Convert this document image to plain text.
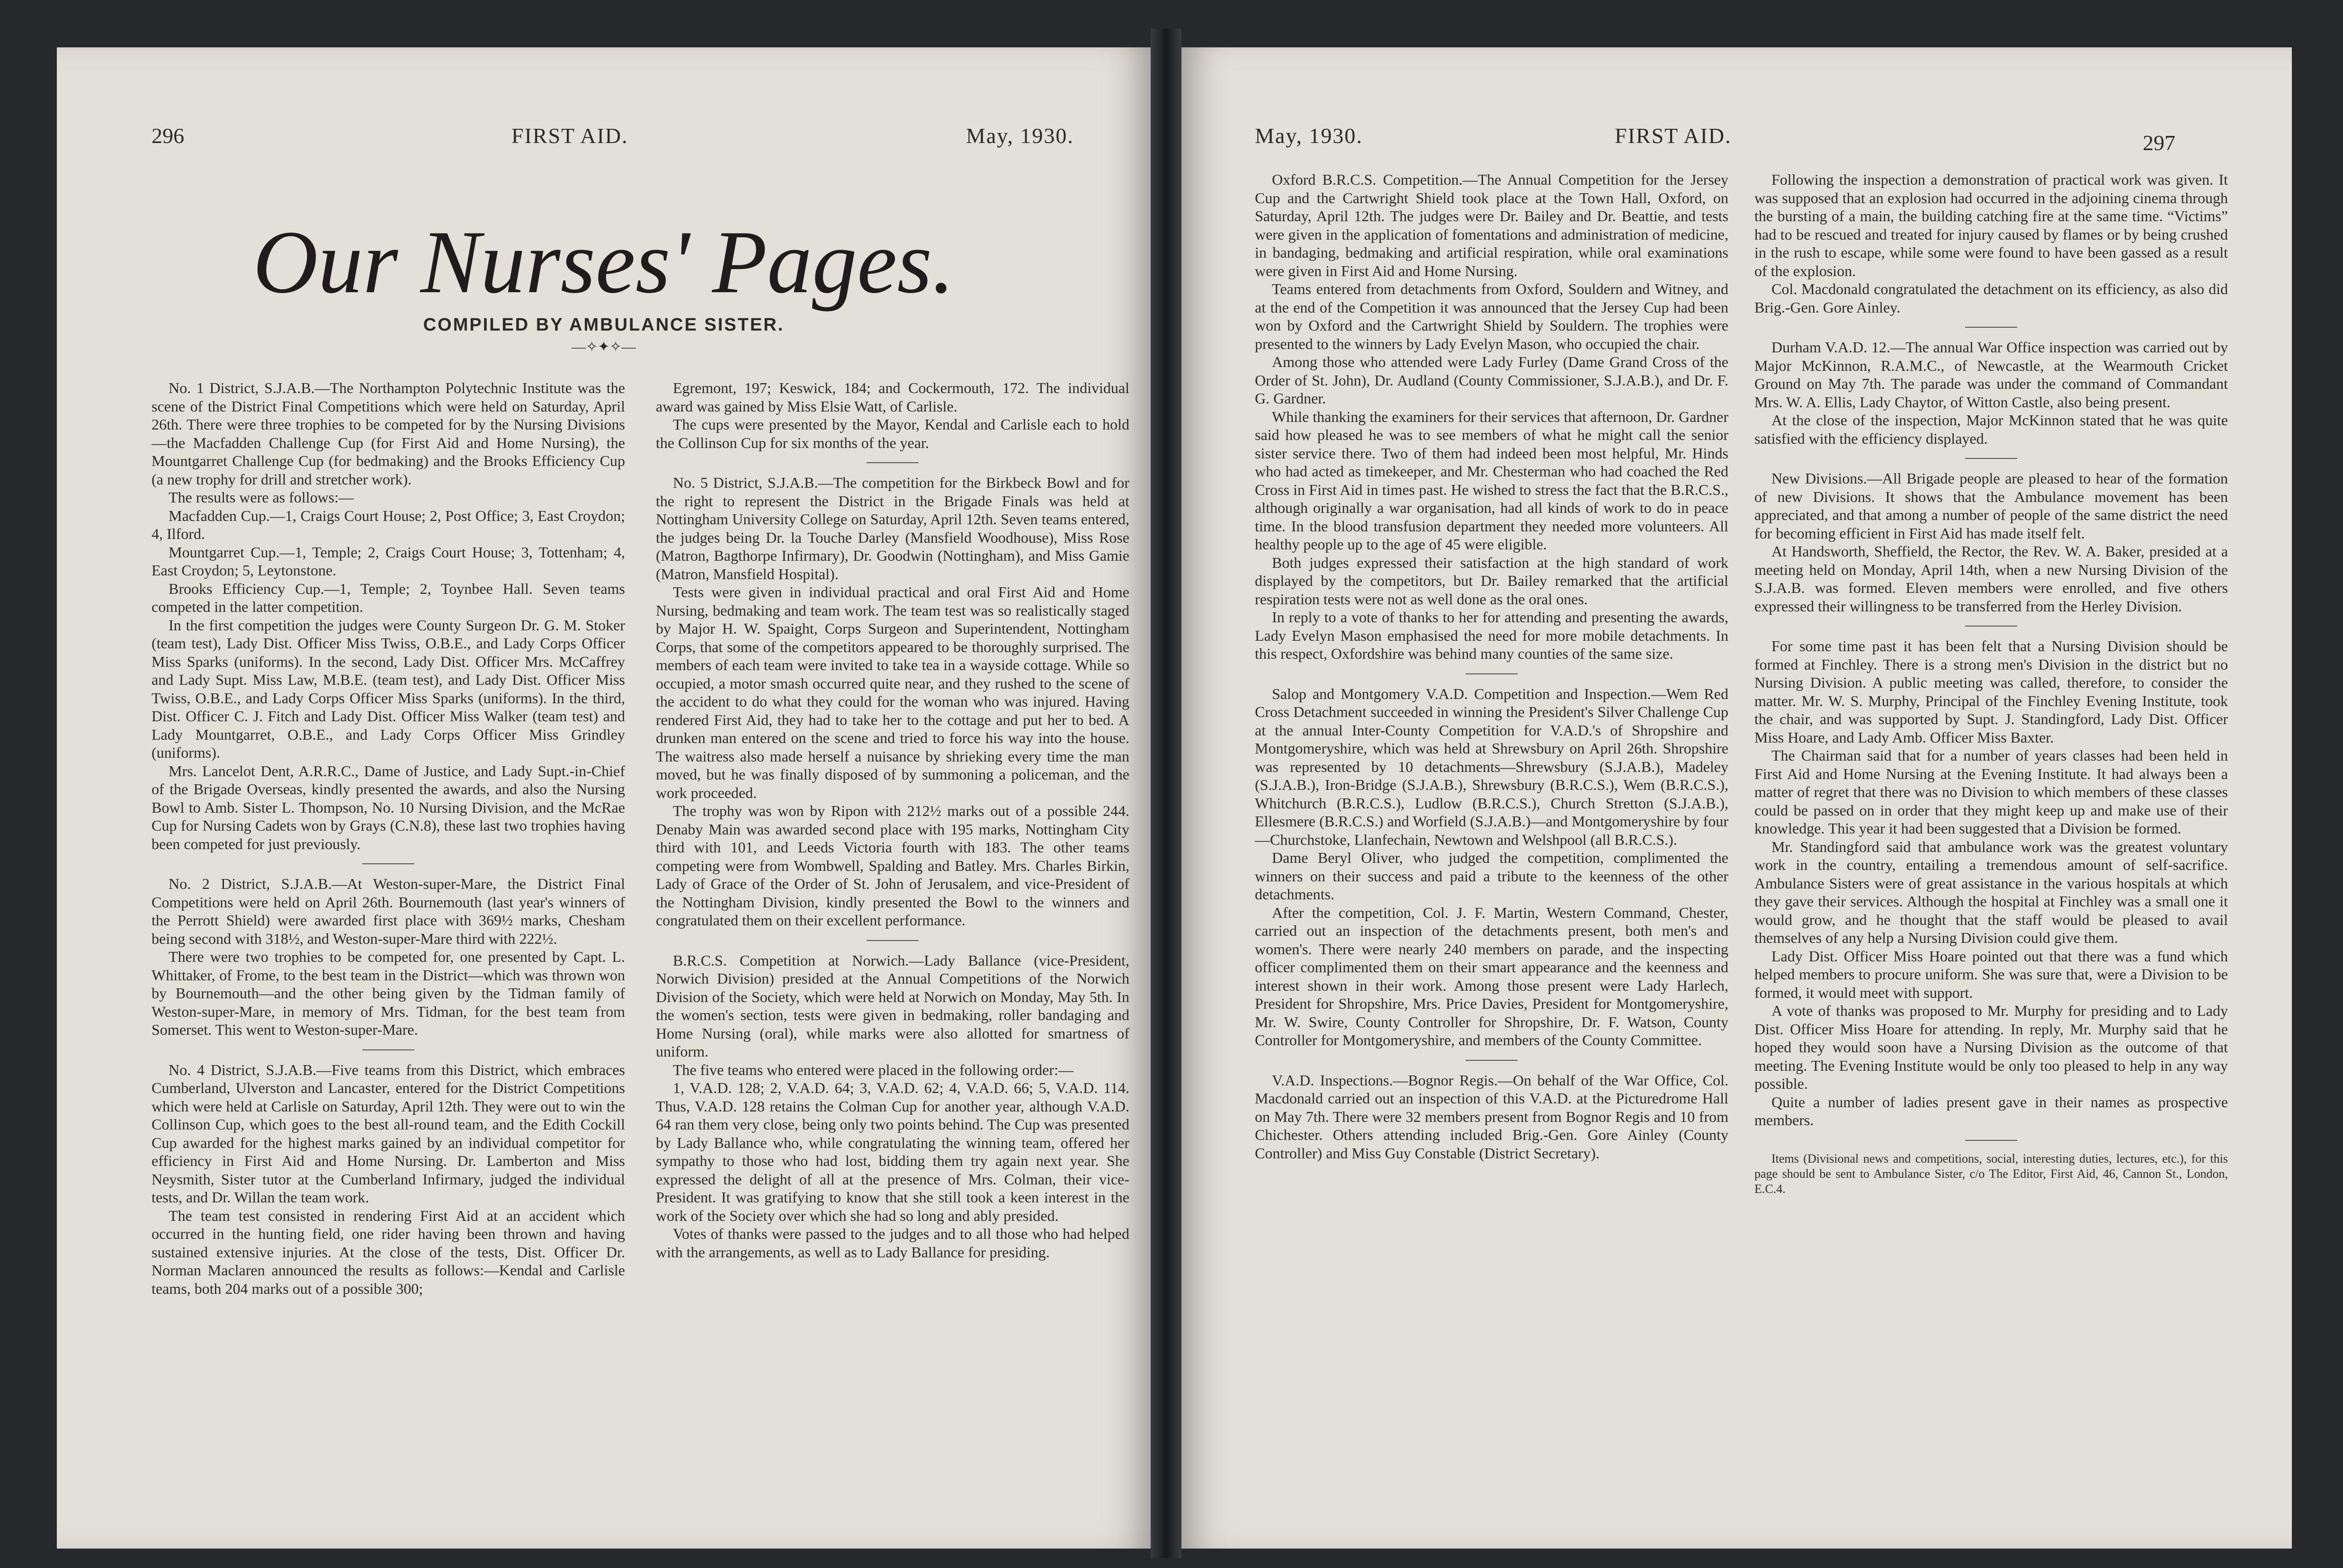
296	FIRST AID.	May, 1930.
Our Nurses' Pages.
COMPILED BY AMBULANCE SISTER.
—✧✦✧—

No. 1 District, S.J.A.B.—The Northampton Polytechnic Institute was the scene of the District Final Competitions which were held on Saturday, April 26th. There were three trophies to be competed for by the Nursing Divisions—the Macfadden Challenge Cup (for First Aid and Home Nursing), the Mountgarret Challenge Cup (for bedmaking) and the Brooks Efficiency Cup (a new trophy for drill and stretcher work).

The results were as follows:—

Macfadden Cup.—1, Craigs Court House; 2, Post Office; 3, East Croydon; 4, Ilford.

Mountgarret Cup.—1, Temple; 2, Craigs Court House; 3, Tottenham; 4, East Croydon; 5, Leytonstone.

Brooks Efficiency Cup.—1, Temple; 2, Toynbee Hall. Seven teams competed in the latter competition.

In the first competition the judges were County Surgeon Dr. G. M. Stoker (team test), Lady Dist. Officer Miss Twiss, O.B.E., and Lady Corps Officer Miss Sparks (uniforms). In the second, Lady Dist. Officer Mrs. McCaffrey and Lady Supt. Miss Law, M.B.E. (team test), and Lady Dist. Officer Miss Twiss, O.B.E., and Lady Corps Officer Miss Sparks (uniforms). In the third, Dist. Officer C. J. Fitch and Lady Dist. Officer Miss Walker (team test) and Lady Mountgarret, O.B.E., and Lady Corps Officer Miss Grindley (uniforms).

Mrs. Lancelot Dent, A.R.R.C., Dame of Justice, and Lady Supt.-in-Chief of the Brigade Overseas, kindly presented the awards, and also the Nursing Bowl to Amb. Sister L. Thompson, No. 10 Nursing Division, and the McRae Cup for Nursing Cadets won by Grays (C.N.8), these last two trophies having been competed for just previously.

No. 2 District, S.J.A.B.—At Weston-super-Mare, the District Final Competitions were held on April 26th. Bournemouth (last year's winners of the Perrott Shield) were awarded first place with 369½ marks, Chesham being second with 318½, and Weston-super-Mare third with 222½.

There were two trophies to be competed for, one presented by Capt. L. Whittaker, of Frome, to the best team in the District—which was thrown won by Bournemouth—and the other being given by the Tidman family of Weston-super-Mare, in memory of Mrs. Tidman, for the best team from Somerset. This went to Weston-super-Mare.

No. 4 District, S.J.A.B.—Five teams from this District, which embraces Cumberland, Ulverston and Lancaster, entered for the District Competitions which were held at Carlisle on Saturday, April 12th. They were out to win the Collinson Cup, which goes to the best all-round team, and the Edith Cockill Cup awarded for the highest marks gained by an individual competitor for efficiency in First Aid and Home Nursing. Dr. Lamberton and Miss Neysmith, Sister tutor at the Cumberland Infirmary, judged the individual tests, and Dr. Willan the team work.

The team test consisted in rendering First Aid at an accident which occurred in the hunting field, one rider having been thrown and having sustained extensive injuries. At the close of the tests, Dist. Officer Dr. Norman Maclaren announced the results as follows:—Kendal and Carlisle teams, both 204 marks out of a possible 300;

Egremont, 197; Keswick, 184; and Cockermouth, 172. The individual award was gained by Miss Elsie Watt, of Carlisle.

The cups were presented by the Mayor, Kendal and Carlisle each to hold the Collinson Cup for six months of the year.

No. 5 District, S.J.A.B.—The competition for the Birkbeck Bowl and for the right to represent the District in the Brigade Finals was held at Nottingham University College on Saturday, April 12th. Seven teams entered, the judges being Dr. la Touche Darley (Mansfield Woodhouse), Miss Rose (Matron, Bagthorpe Infirmary), Dr. Goodwin (Nottingham), and Miss Gamie (Matron, Mansfield Hospital).

Tests were given in individual practical and oral First Aid and Home Nursing, bedmaking and team work. The team test was so realistically staged by Major H. W. Spaight, Corps Surgeon and Superintendent, Nottingham Corps, that some of the competitors appeared to be thoroughly surprised. The members of each team were invited to take tea in a wayside cottage. While so occupied, a motor smash occurred quite near, and they rushed to the scene of the accident to do what they could for the woman who was injured. Having rendered First Aid, they had to take her to the cottage and put her to bed. A drunken man entered on the scene and tried to force his way into the house. The waitress also made herself a nuisance by shrieking every time the man moved, but he was finally disposed of by summoning a policeman, and the work proceeded.

The trophy was won by Ripon with 212½ marks out of a possible 244. Denaby Main was awarded second place with 195 marks, Nottingham City third with 101, and Leeds Victoria fourth with 183. The other teams competing were from Wombwell, Spalding and Batley. Mrs. Charles Birkin, Lady of Grace of the Order of St. John of Jerusalem, and vice-President of the Nottingham Division, kindly presented the Bowl to the winners and congratulated them on their excellent performance.

B.R.C.S. Competition at Norwich.—Lady Ballance (vice-President, Norwich Division) presided at the Annual Competitions of the Norwich Division of the Society, which were held at Norwich on Monday, May 5th. In the women's section, tests were given in bedmaking, roller bandaging and Home Nursing (oral), while marks were also allotted for smartness of uniform.

The five teams who entered were placed in the following order:—

1, V.A.D. 128; 2, V.A.D. 64; 3, V.A.D. 62; 4, V.A.D. 66; 5, V.A.D. 114. Thus, V.A.D. 128 retains the Colman Cup for another year, although V.A.D. 64 ran them very close, being only two points behind. The Cup was presented by Lady Ballance who, while congratulating the winning team, offered her sympathy to those who had lost, bidding them try again next year. She expressed the delight of all at the presence of Mrs. Colman, their vice-President. It was gratifying to know that she still took a keen interest in the work of the Society over which she had so long and ably presided.

Votes of thanks were passed to the judges and to all those who had helped with the arrangements, as well as to Lady Ballance for presiding.

May, 1930.	FIRST AID.	297

Oxford B.R.C.S. Competition.—The Annual Competition for the Jersey Cup and the Cartwright Shield took place at the Town Hall, Oxford, on Saturday, April 12th. The judges were Dr. Bailey and Dr. Beattie, and tests were given in the application of fomentations and administration of medicine, in bandaging, bedmaking and artificial respiration, while oral examinations were given in First Aid and Home Nursing.

Teams entered from detachments from Oxford, Souldern and Witney, and at the end of the Competition it was announced that the Jersey Cup had been won by Oxford and the Cartwright Shield by Souldern. The trophies were presented to the winners by Lady Evelyn Mason, who occupied the chair.

Among those who attended were Lady Furley (Dame Grand Cross of the Order of St. John), Dr. Audland (County Commissioner, S.J.A.B.), and Dr. F. G. Gardner.

While thanking the examiners for their services that afternoon, Dr. Gardner said how pleased he was to see members of what he might call the senior sister service there. Two of them had indeed been most helpful, Mr. Hinds who had acted as timekeeper, and Mr. Chesterman who had coached the Red Cross in First Aid in times past. He wished to stress the fact that the B.R.C.S., although originally a war organisation, had all kinds of work to do in peace time. In the blood transfusion department they needed more volunteers. All healthy people up to the age of 45 were eligible.

Both judges expressed their satisfaction at the high standard of work displayed by the competitors, but Dr. Bailey remarked that the artificial respiration tests were not as well done as the oral ones.

In reply to a vote of thanks to her for attending and presenting the awards, Lady Evelyn Mason emphasised the need for more mobile detachments. In this respect, Oxfordshire was behind many counties of the same size.

Salop and Montgomery V.A.D. Competition and Inspection.—Wem Red Cross Detachment succeeded in winning the President's Silver Challenge Cup at the annual Inter-County Competition for V.A.D.'s of Shropshire and Montgomeryshire, which was held at Shrewsbury on April 26th. Shropshire was represented by 10 detachments—Shrewsbury (S.J.A.B.), Madeley (S.J.A.B.), Iron-Bridge (S.J.A.B.), Shrewsbury (B.R.C.S.), Wem (B.R.C.S.), Whitchurch (B.R.C.S.), Ludlow (B.R.C.S.), Church Stretton (S.J.A.B.), Ellesmere (B.R.C.S.) and Worfield (S.J.A.B.)—and Montgomeryshire by four—Churchstoke, Llanfechain, Newtown and Welshpool (all B.R.C.S.).

Dame Beryl Oliver, who judged the competition, complimented the winners on their success and paid a tribute to the keenness of the other detachments.

After the competition, Col. J. F. Martin, Western Command, Chester, carried out an inspection of the detachments present, both men's and women's. There were nearly 240 members on parade, and the inspecting officer complimented them on their smart appearance and the keenness and interest shown in their work. Among those present were Lady Harlech, President for Shropshire, Mrs. Price Davies, President for Montgomeryshire, Mr. W. Swire, County Controller for Shropshire, Dr. F. Watson, County Controller for Montgomeryshire, and members of the County Committee.

V.A.D. Inspections.—Bognor Regis.—On behalf of the War Office, Col. Macdonald carried out an inspection of this V.A.D. at the Picturedrome Hall on May 7th. There were 32 members present from Bognor Regis and 10 from Chichester. Others attending included Brig.-Gen. Gore Ainley (County Controller) and Miss Guy Constable (District Secretary).

Following the inspection a demonstration of practical work was given. It was supposed that an explosion had occurred in the adjoining cinema through the bursting of a main, the building catching fire at the same time. “Victims” had to be rescued and treated for injury caused by flames or by being crushed in the rush to escape, while some were found to have been gassed as a result of the explosion.

Col. Macdonald congratulated the detachment on its efficiency, as also did Brig.-Gen. Gore Ainley.

Durham V.A.D. 12.—The annual War Office inspection was carried out by Major McKinnon, R.A.M.C., of Newcastle, at the Wearmouth Cricket Ground on May 7th. The parade was under the command of Commandant Mrs. W. A. Ellis, Lady Chaytor, of Witton Castle, also being present.

At the close of the inspection, Major McKinnon stated that he was quite satisfied with the efficiency displayed.

New Divisions.—All Brigade people are pleased to hear of the formation of new Divisions. It shows that the Ambulance movement has been appreciated, and that among a number of people of the same district the need for becoming efficient in First Aid has made itself felt.

At Handsworth, Sheffield, the Rector, the Rev. W. A. Baker, presided at a meeting held on Monday, April 14th, when a new Nursing Division of the S.J.A.B. was formed. Eleven members were enrolled, and five others expressed their willingness to be transferred from the Herley Division.

For some time past it has been felt that a Nursing Division should be formed at Finchley. There is a strong men's Division in the district but no Nursing Division. A public meeting was called, therefore, to consider the matter. Mr. W. S. Murphy, Principal of the Finchley Evening Institute, took the chair, and was supported by Supt. J. Standingford, Lady Dist. Officer Miss Hoare, and Lady Amb. Officer Miss Baxter.

The Chairman said that for a number of years classes had been held in First Aid and Home Nursing at the Evening Institute. It had always been a matter of regret that there was no Division to which members of these classes could be passed on in order that they might keep up and make use of their knowledge. This year it had been suggested that a Division be formed.

Mr. Standingford said that ambulance work was the greatest voluntary work in the country, entailing a tremendous amount of self-sacrifice. Ambulance Sisters were of great assistance in the various hospitals at which they gave their services. Although the hospital at Finchley was a small one it would grow, and he thought that the staff would be pleased to avail themselves of any help a Nursing Division could give them.

Lady Dist. Officer Miss Hoare pointed out that there was a fund which helped members to procure uniform. She was sure that, were a Division to be formed, it would meet with support.

A vote of thanks was proposed to Mr. Murphy for presiding and to Lady Dist. Officer Miss Hoare for attending. In reply, Mr. Murphy said that he hoped they would soon have a Nursing Division as the outcome of that meeting. The Evening Institute would be only too pleased to help in any way possible.

Quite a number of ladies present gave in their names as prospective members.

Items (Divisional news and competitions, social, interesting duties, lectures, etc.), for this page should be sent to Ambulance Sister, c/o The Editor, First Aid, 46, Cannon St., London, E.C.4.
